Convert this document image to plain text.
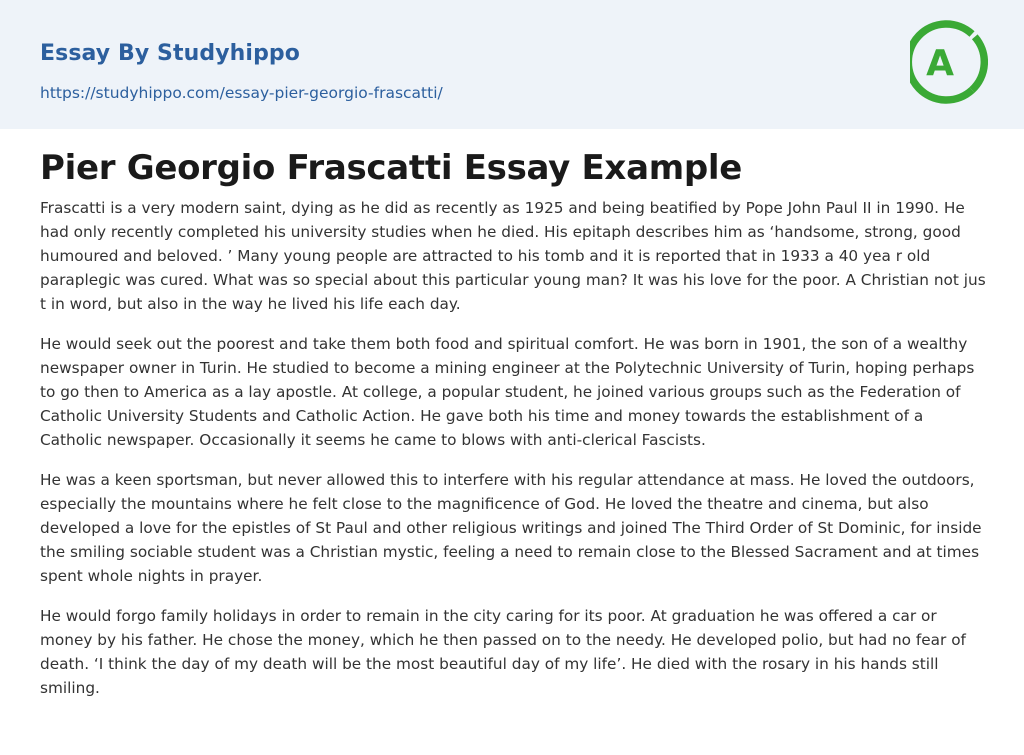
Essay By Studyhippo
https://studyhippo.com/essay-pier-georgio-frascatti/
A
Pier Georgio Frascatti Essay Example

Frascatti is a very modern saint, dying as he did as recently as 1925 and being beatified by Pope John Paul II in 1990. He had only recently completed his university studies when he died. His epitaph describes him as ‘handsome, strong, good humoured and beloved. ’ Many young people are attracted to his tomb and it is reported that in 1933 a 40 yea r old paraplegic was cured. What was so special about this particular young man? It was his love for the poor. A Christian not jus t in word, but also in the way he lived his life each day.

He would seek out the poorest and take them both food and spiritual comfort. He was born in 1901, the son of a wealthy newspaper owner in Turin. He studied to become a mining engineer at the Polytechnic University of Turin, hoping perhaps to go then to America as a lay apostle. At college, a popular student, he joined various groups such as the Federation of Catholic University Students and Catholic Action. He gave both his time and money towards the establishment of a Catholic newspaper. Occasionally it seems he came to blows with anti-clerical Fascists.

He was a keen sportsman, but never allowed this to interfere with his regular attendance at mass. He loved the outdoors, especially the mountains where he felt close to the magnificence of God. He loved the theatre and cinema, but also developed a love for the epistles of St Paul and other religious writings and joined The Third Order of St Dominic, for inside the smiling sociable student was a Christian mystic, feeling a need to remain close to the Blessed Sacrament and at times spent whole nights in prayer.

He would forgo family holidays in order to remain in the city caring for its poor. At graduation he was offered a car or money by his father. He chose the money, which he then passed on to the needy. He developed polio, but had no fear of death. ‘I think the day of my death will be the most beautiful day of my life’. He died with the rosary in his hands still smiling.
